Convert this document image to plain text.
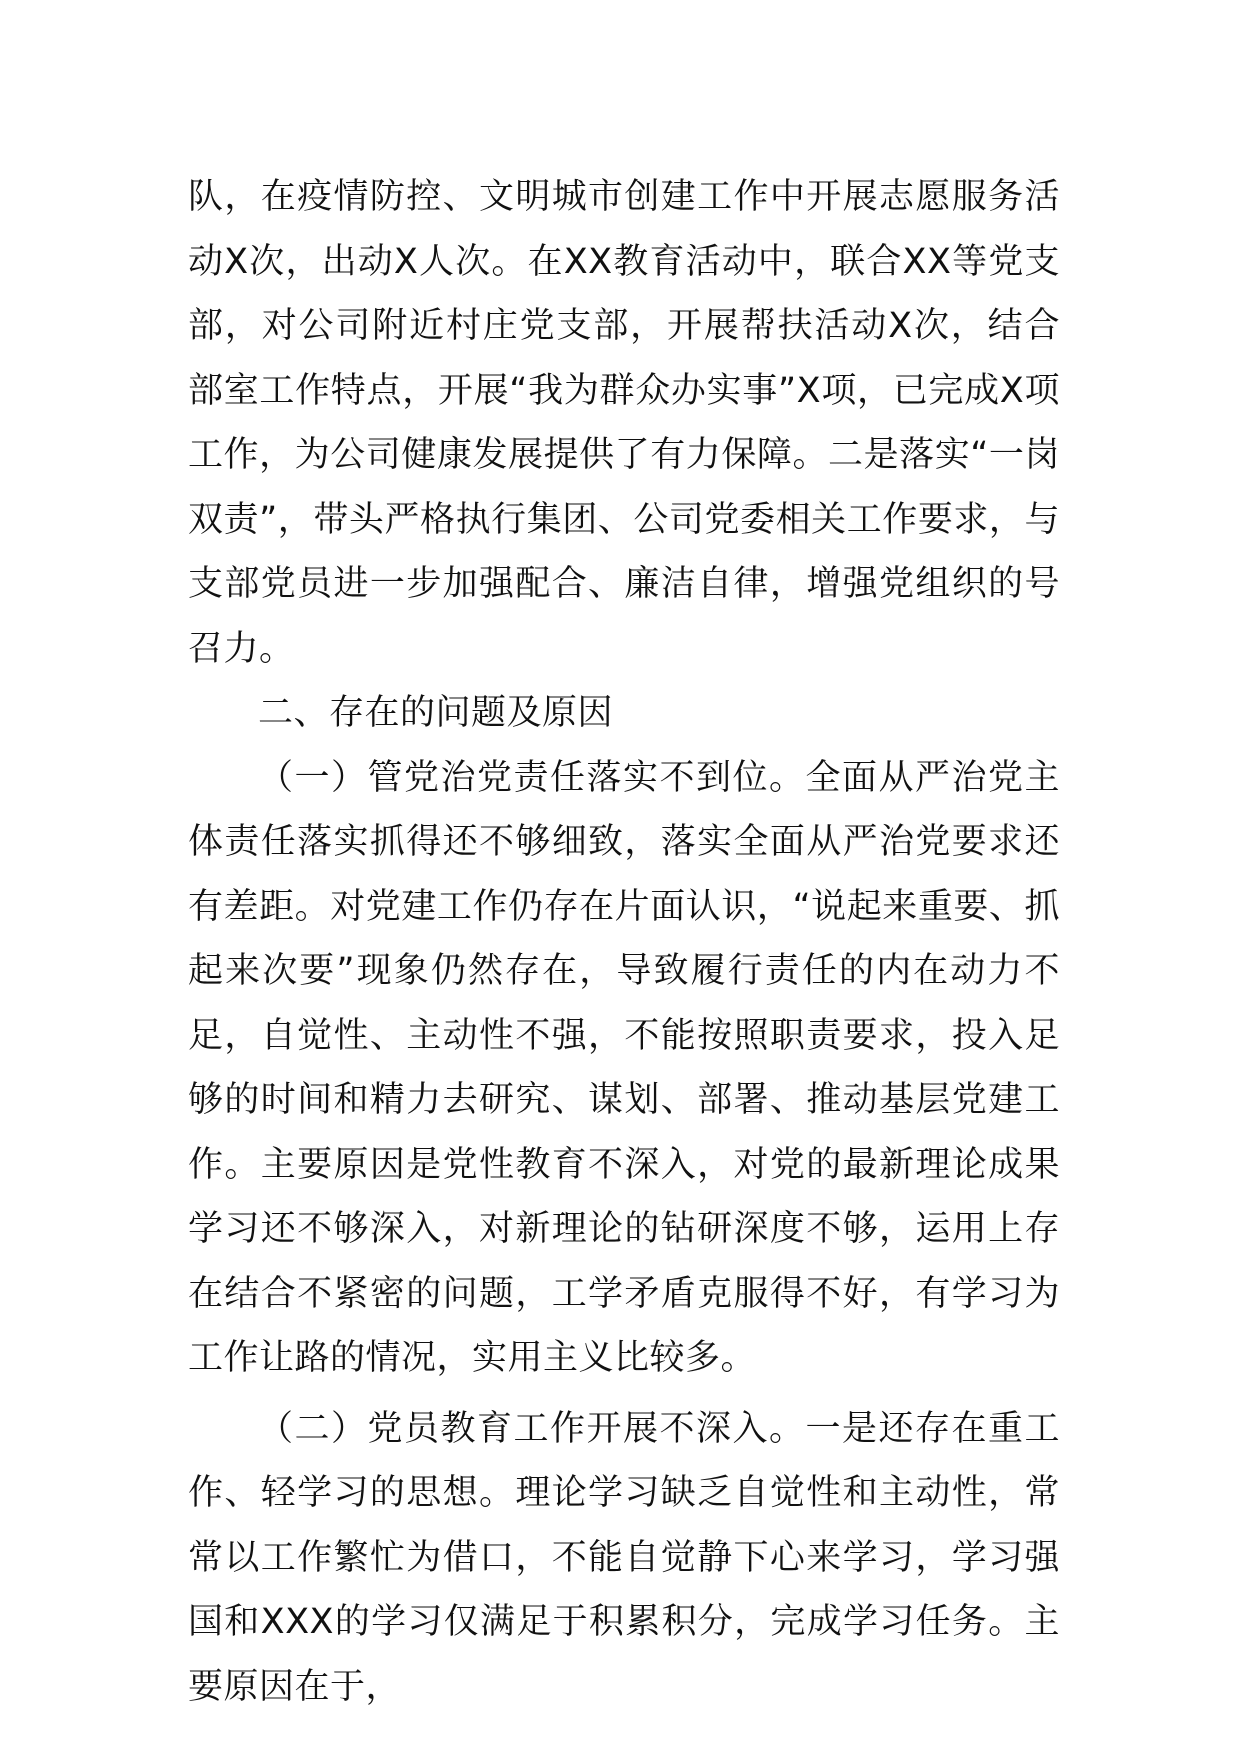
队，在疫情防控、文明城市创建工作中开展志愿服务活动X次，出动X人次。在XX教育活动中，联合XX等党支部，对公司附近村庄党支部，开展帮扶活动X次，结合部室工作特点，开展“我为群众办实事”X项，已完成X项工作，为公司健康发展提供了有力保障。二是落实“一岗双责”，带头严格执行集团、公司党委相关工作要求，与支部党员进一步加强配合、廉洁自律，增强党组织的号召力。

二、存在的问题及原因

（一）管党治党责任落实不到位。全面从严治党主体责任落实抓得还不够细致，落实全面从严治党要求还有差距。对党建工作仍存在片面认识，“说起来重要、抓起来次要”现象仍然存在，导致履行责任的内在动力不足，自觉性、主动性不强，不能按照职责要求，投入足够的时间和精力去研究、谋划、部署、推动基层党建工作。主要原因是党性教育不深入，对党的最新理论成果学习还不够深入，对新理论的钻研深度不够，运用上存在结合不紧密的问题，工学矛盾克服得不好，有学习为工作让路的情况，实用主义比较多。

（二）党员教育工作开展不深入。一是还存在重工作、轻学习的思想。理论学习缺乏自觉性和主动性，常常以工作繁忙为借口，不能自觉静下心来学习，学习强国和XXX的学习仅满足于积累积分，完成学习任务。主要原因在于，
